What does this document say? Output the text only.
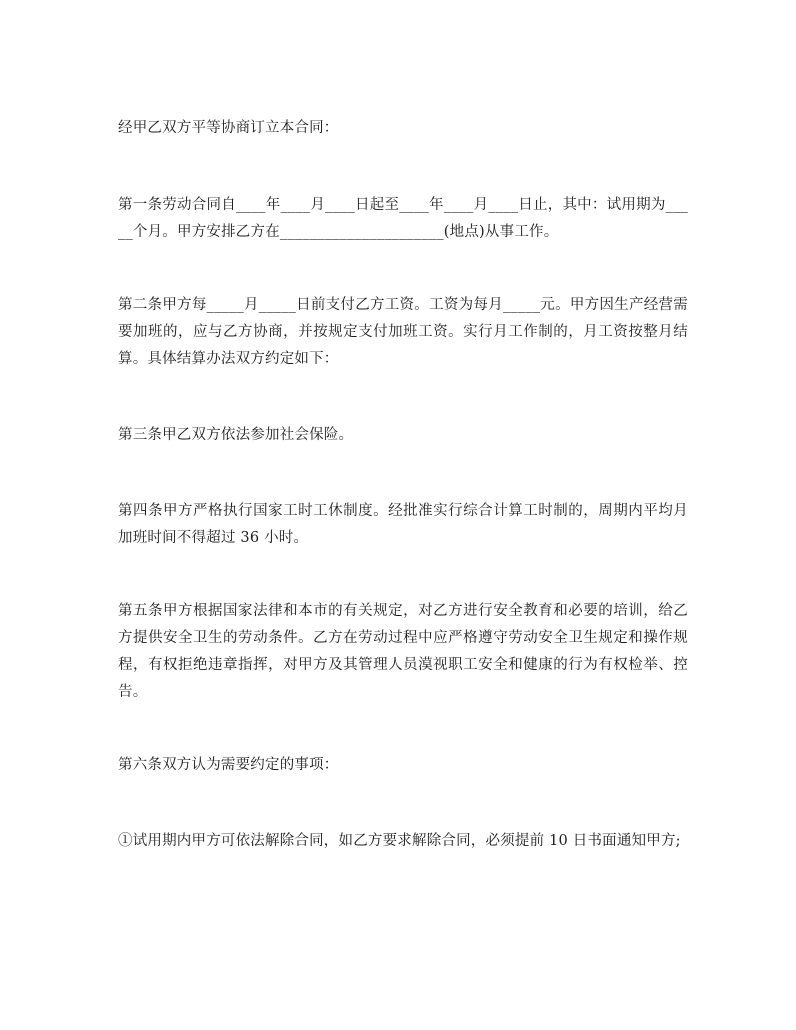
经甲乙双方平等协商订立本合同：
第一条劳动合同自____年____月____日起至____年____月____日止，其中：试用期为_____个月。甲方安排乙方在______________________(地点)从事工作。
第二条甲方每_____月_____日前支付乙方工资。工资为每月_____元。甲方因生产经营需要加班的，应与乙方协商，并按规定支付加班工资。实行月工作制的，月工资按整月结算。具体结算办法双方约定如下：
第三条甲乙双方依法参加社会保险。
第四条甲方严格执行国家工时工休制度。经批准实行综合计算工时制的，周期内平均月加班时间不得超过 36 小时。
第五条甲方根据国家法律和本市的有关规定，对乙方进行安全教育和必要的培训，给乙方提供安全卫生的劳动条件。乙方在劳动过程中应严格遵守劳动安全卫生规定和操作规程，有权拒绝违章指挥，对甲方及其管理人员漠视职工安全和健康的行为有权检举、控告。
第六条双方认为需要约定的事项：
①试用期内甲方可依法解除合同，如乙方要求解除合同，必须提前 10 日书面通知甲方;
